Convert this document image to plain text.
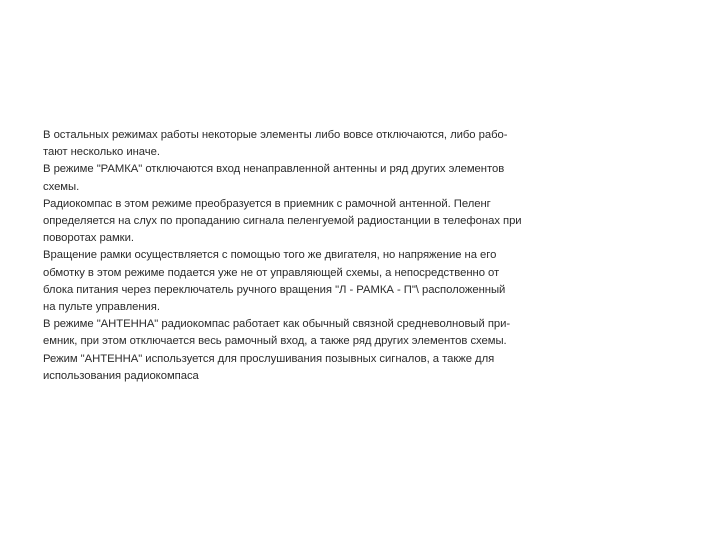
В остальных режимах работы некоторые элементы либо вовсе отключаются, либо рабо-
тают несколько иначе.
В режиме "РАМКА" отключаются вход ненаправленной антенны и ряд других элементов
схемы.
Радиокомпас в этом режиме преобразуется в приемник с рамочной антенной. Пеленг
определяется на слух по пропаданию сигнала пеленгуемой радиостанции в телефонах при
поворотах рамки.
Вращение рамки осуществляется с помощью того же двигателя, но напряжение на его
обмотку в этом режиме подается уже не от управляющей схемы, а непосредственно от
блока питания через переключатель ручного вращения "Л - РАМКА - П"\ расположенный
на пульте управления.
В режиме "АНТЕННА" радиокомпас работает как обычный связной средневолновый при-
емник, при этом отключается весь рамочный вход, а также ряд других элементов схемы.
Режим "АНТЕННА" используется для прослушивания позывных сигналов, а также для
использования радиокомпаса
